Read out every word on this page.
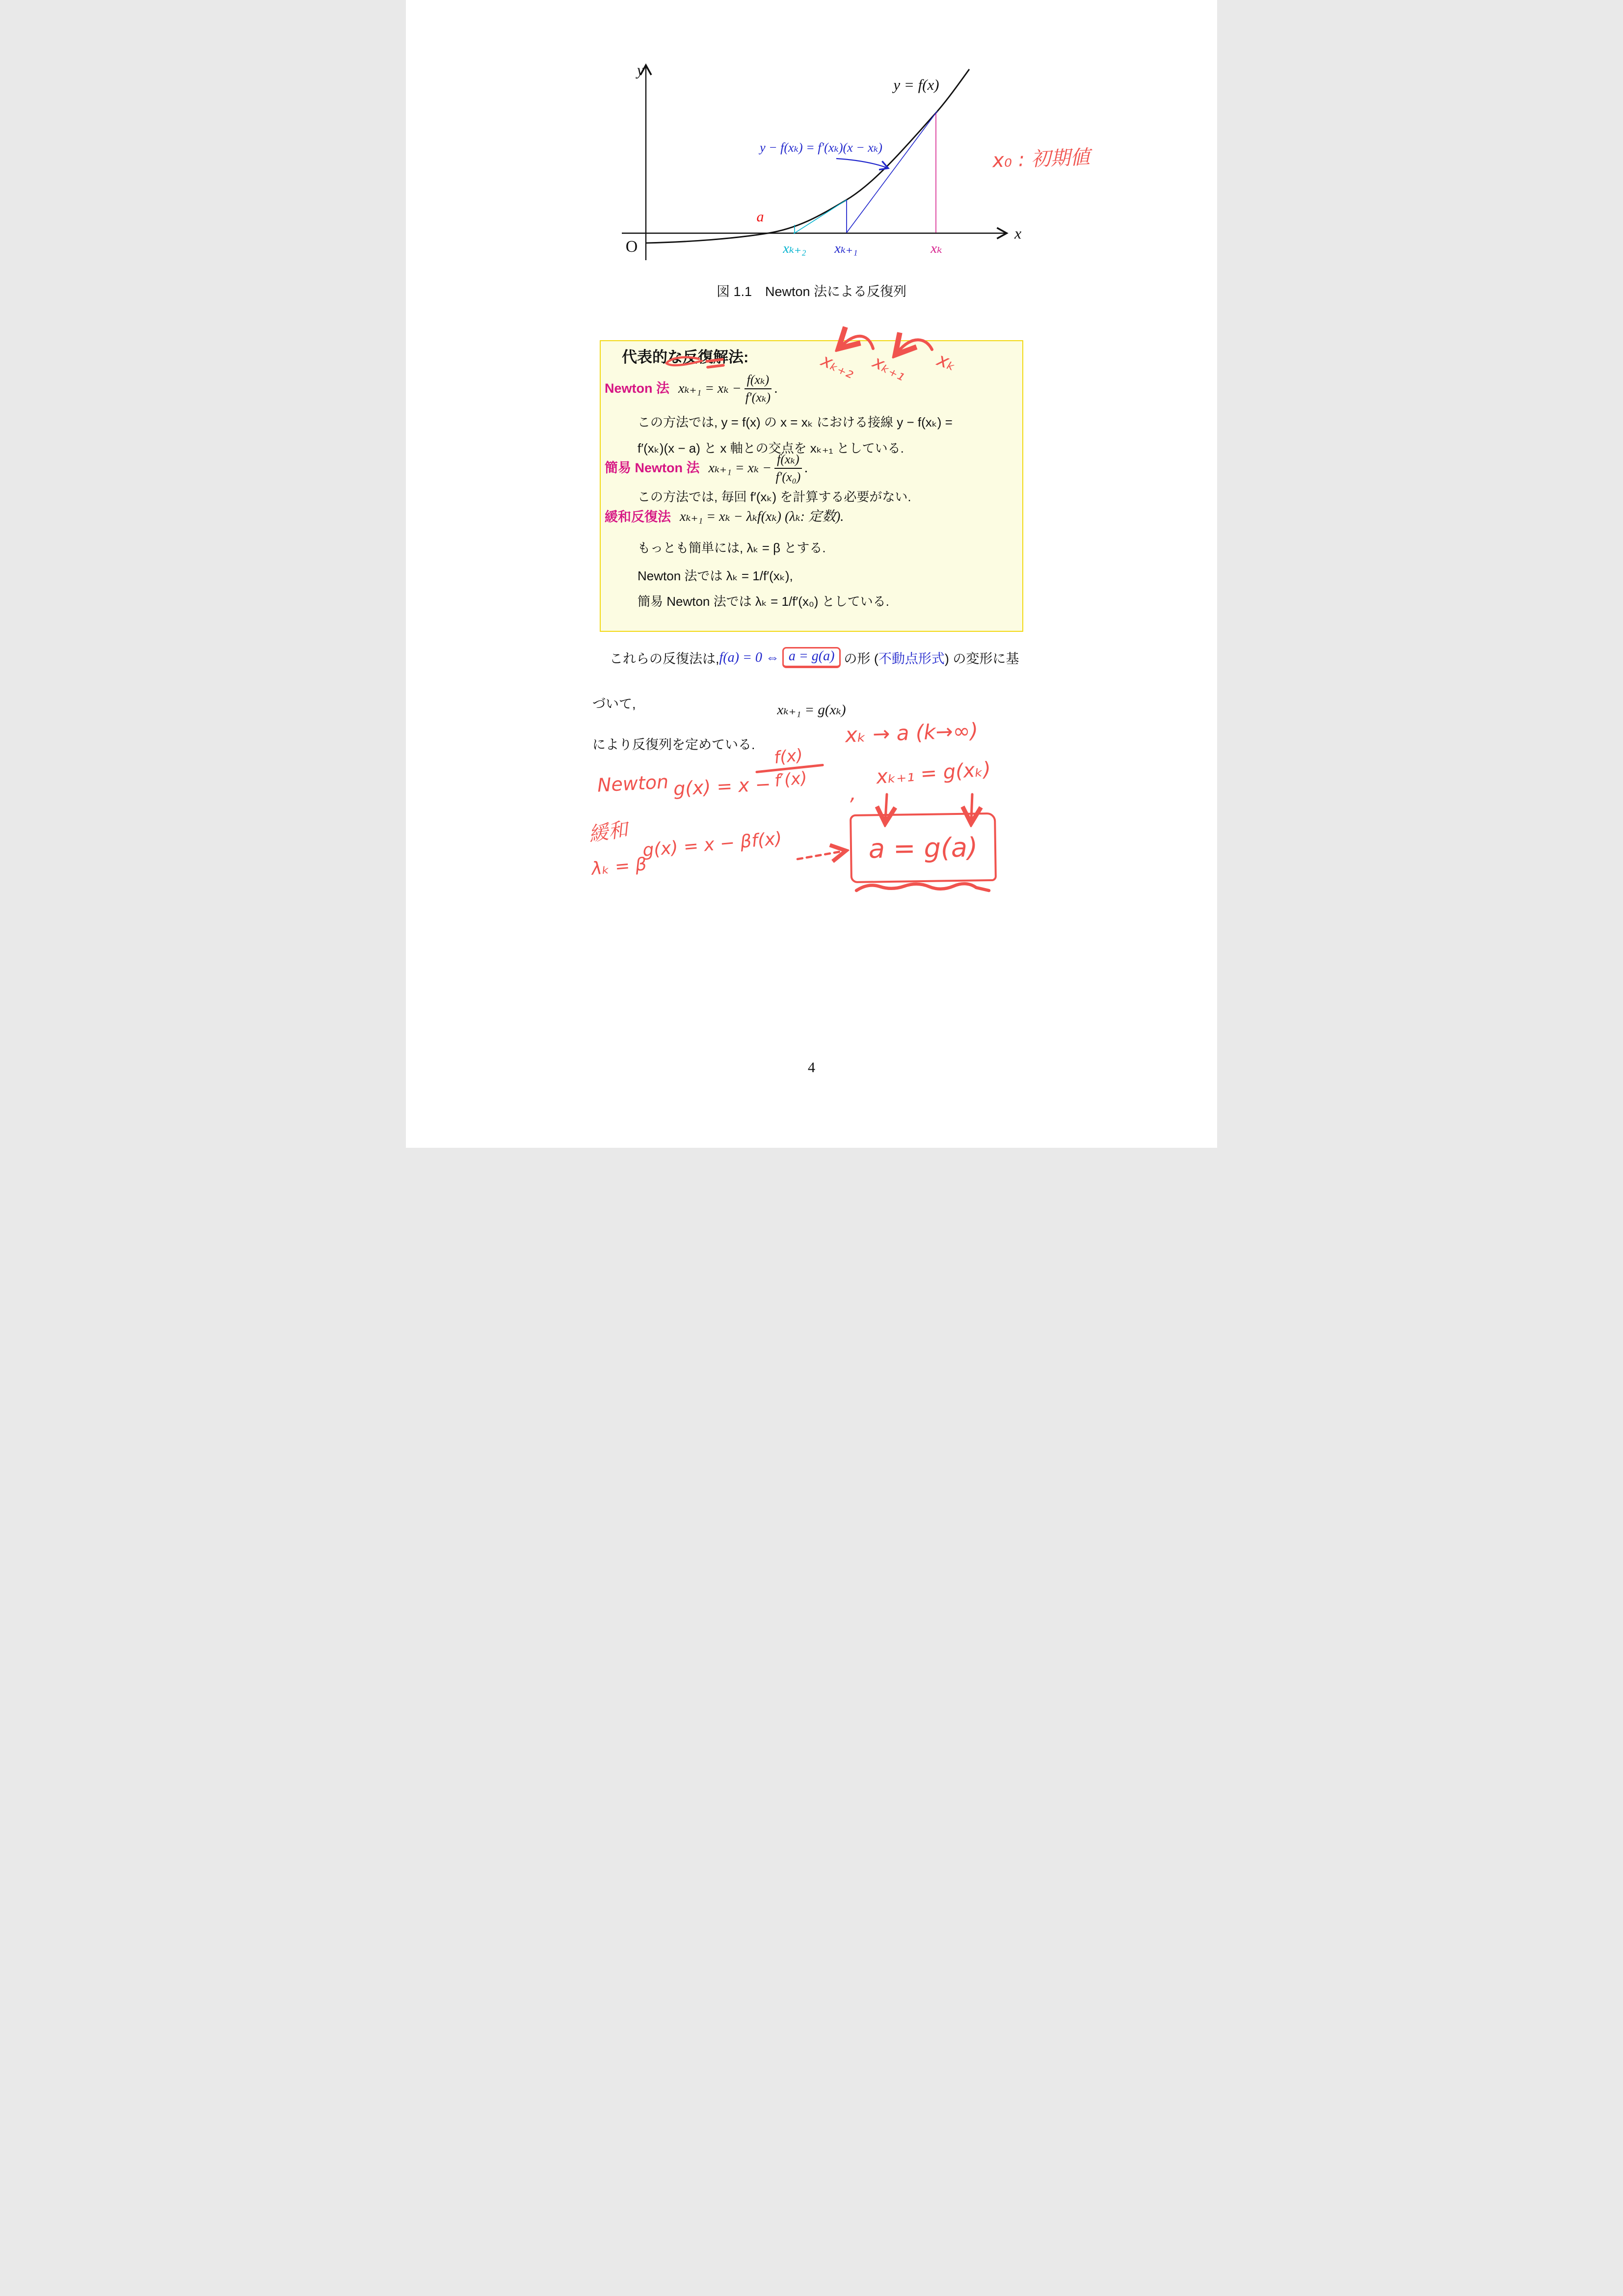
y
x
O
y = f(x)
y − f(xₖ) = f′(xₖ)(x − xₖ)
a
xₖ₊₂ xₖ₊₁	xₖ
x₀ : 初期値
図 1.1　Newton 法による反復列
代表的な反復解法:
Newton 法 $x_{k+1} = x_k - \frac{\text{f(xₖ)}}{\text{f′(xₖ)}}$ .
この方法では, y = f(x) の x = xₖ における接線 y − f(xₖ) =
f′(xₖ)(x − a) と x 軸との交点を xₖ₊₁ としている.
簡易 Newton 法 $x_{k+1} = x_k - \frac{\text{f(xₖ)}}{\text{f′(x₀)}}$ .
この方法では, 毎回 f′(xₖ) を計算する必要がない.
緩和反復法 xₖ₊₁ = xₖ − λₖf(xₖ) (λₖ: 定数).
もっとも簡単には, λₖ = β とする.
Newton 法では λₖ = 1/f′(xₖ),
簡易 Newton 法では λₖ = 1/f′(x₀) としている.
xₖ₊₂ xₖ₊₁ xₖ
これらの反復法は, f(a) = 0 ⇔ a = g(a) の形 ( 不動点形式 ) の変形に基
づいて,	xₖ₊₁ = g(xₖ)
xₖ → a (k→∞)
により反復列を定めている.
Newton g(x) = x −
f(x)
f′(x)
,
xₖ₊₁ = g(xₖ)
緩和
λₖ = β
g(x) = x − βf(x)	a = g(a)
4
